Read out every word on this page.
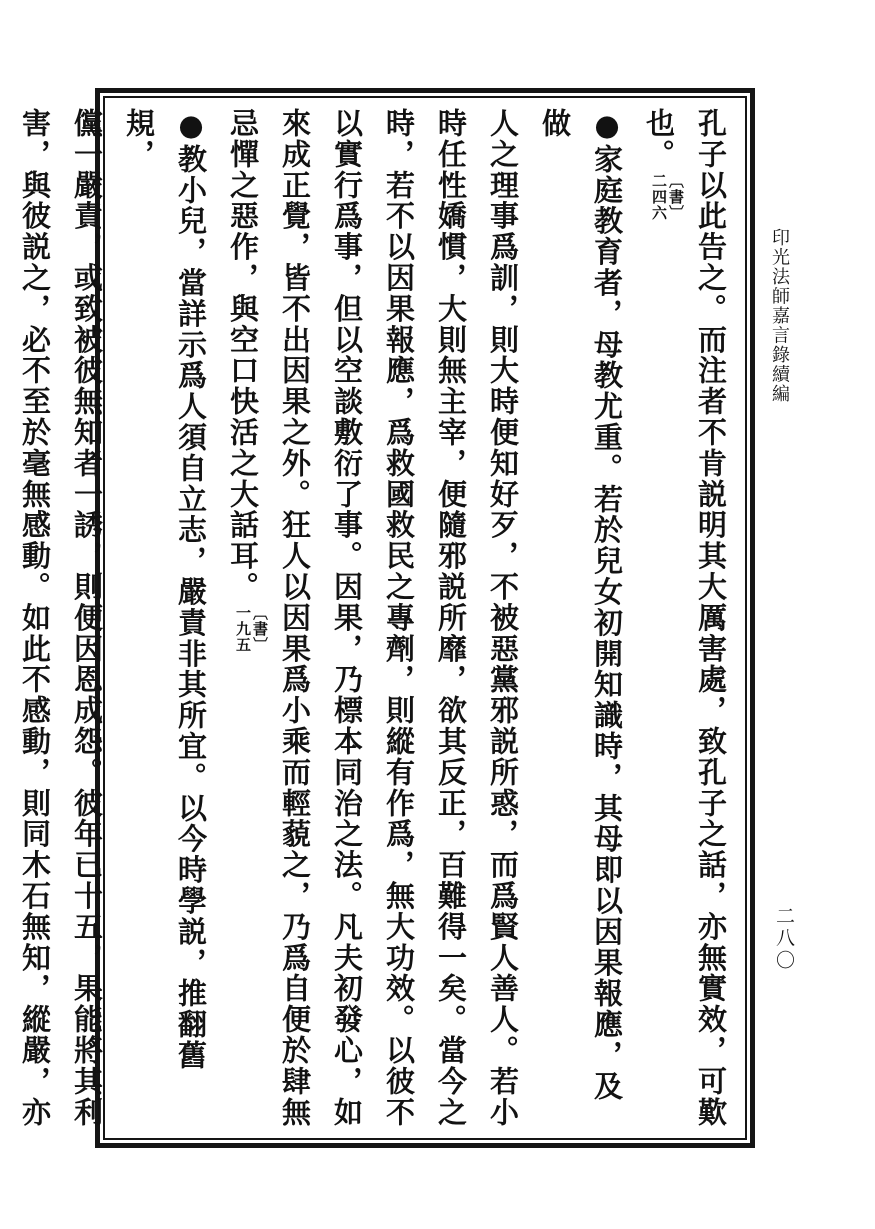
印光法師嘉言錄續編
二八〇
孔子以此告之。而注者不肯説明其大厲害處，致孔子之話，亦無實效，可歎
也。
〔書〕
二四六
●家庭教育者，母教尤重。若於兒女初開知識時，其母即以因果報應，及做
人之理事爲訓，則大時便知好歹，不被惡黨邪説所惑，而爲賢人善人。若小
時任性嬌慣，大則無主宰，便隨邪説所靡，欲其反正，百難得一矣。當今之
時，若不以因果報應，爲救國救民之專劑，則縱有作爲，無大功效。以彼不
以實行爲事，但以空談敷衍了事。因果，乃標本同治之法。凡夫初發心，如
來成正覺，皆不出因果之外。狂人以因果爲小乘而輕藐之，乃爲自便於肆無
忌憚之惡作，與空口快活之大話耳。
〔書〕
一九五
●教小兒，當詳示爲人須自立志，嚴責非其所宜。以今時學説，推翻舊規，
儻一嚴責，或致被彼無知者一誘，則便因恩成怨。彼年已十五，果能將其利
害，與彼説之，必不至於毫無感動。如此不感動，則同木石無知，縱嚴，亦
